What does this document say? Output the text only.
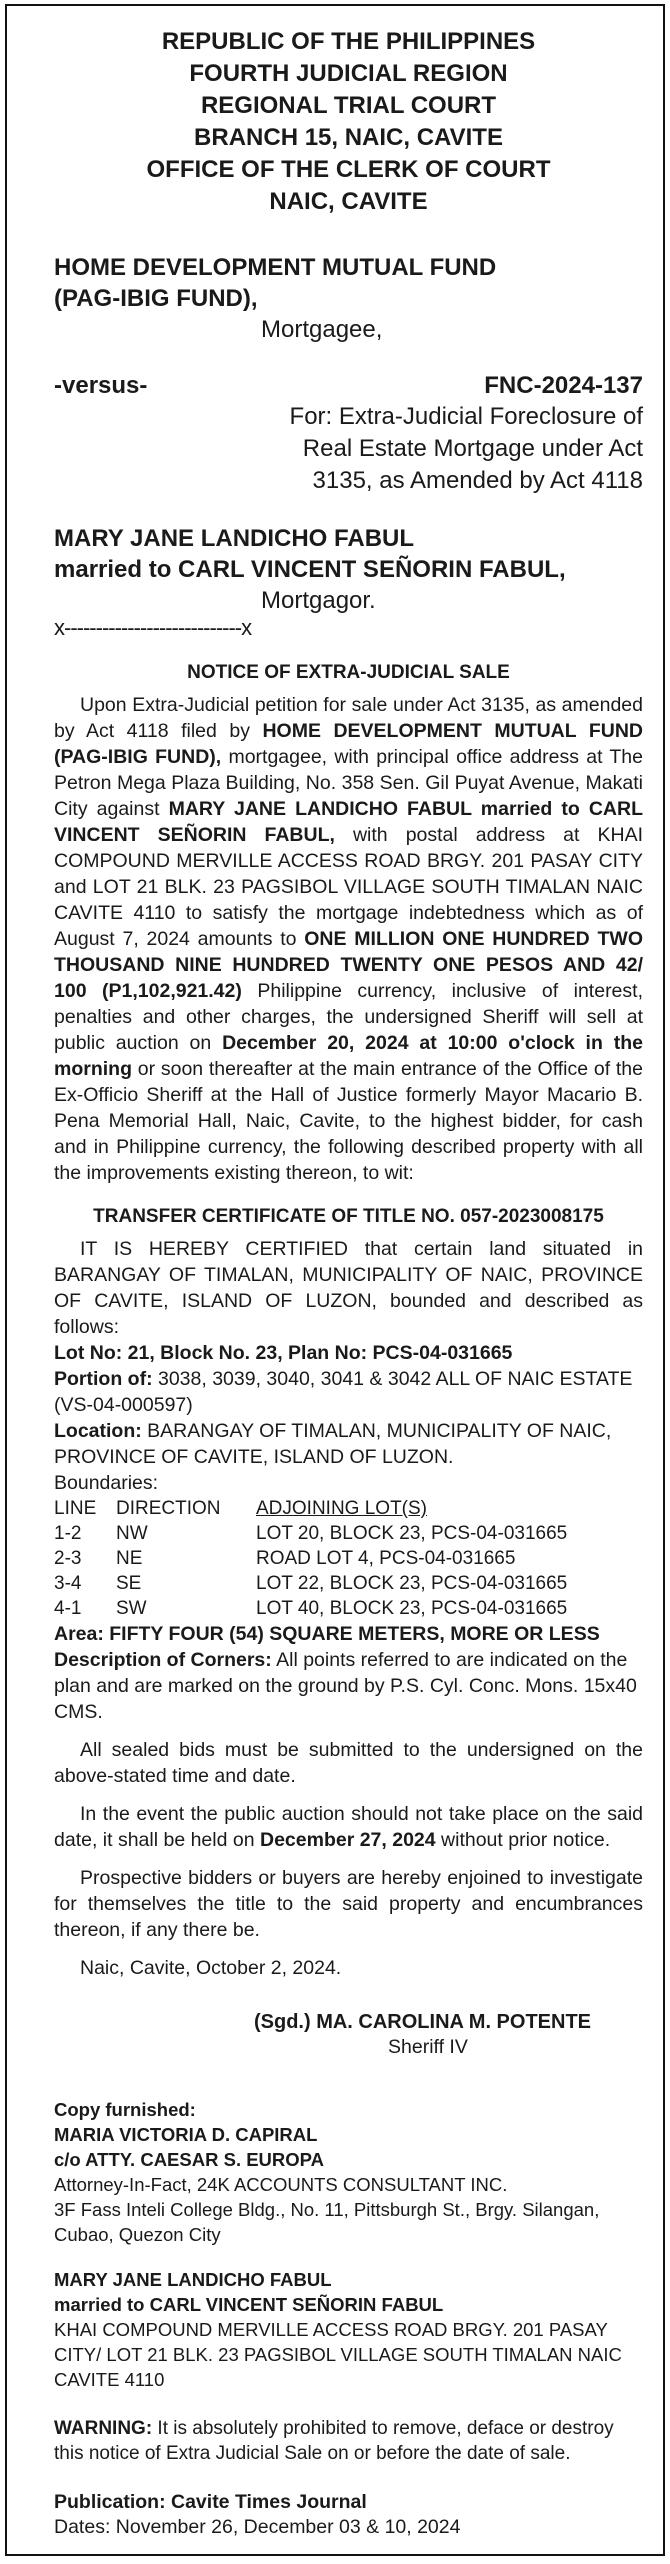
REPUBLIC OF THE PHILIPPINES

FOURTH JUDICIAL REGION

REGIONAL TRIAL COURT

BRANCH 15, NAIC, CAVITE

OFFICE OF THE CLERK OF COURT

NAIC, CAVITE

HOME DEVELOPMENT MUTUAL FUND

(PAG-IBIG FUND),

Mortgagee,

-versus-	FNC-2024-137

For: Extra-Judicial Foreclosure of

Real Estate Mortgage under Act

3135, as Amended by Act 4118

MARY JANE LANDICHO FABUL

married to CARL VINCENT SEÑORIN FABUL,

Mortgagor.

x----------------------------x

NOTICE OF EXTRA-JUDICIAL SALE

Upon Extra-Judicial petition for sale under Act 3135, as amended by Act 4118 filed by HOME DEVELOPMENT MUTUAL FUND (PAG-IBIG FUND), mortgagee, with principal office address at The Petron Mega Plaza Building, No. 358 Sen. Gil Puyat Avenue, Makati City against MARY JANE LANDICHO FABUL married to CARL VINCENT SEÑORIN FABUL, with postal address at KHAI COMPOUND MERVILLE ACCESS ROAD BRGY. 201 PASAY CITY and LOT 21 BLK. 23 PAGSIBOL VILLAGE SOUTH TIMALAN NAIC CAVITE 4110 to satisfy the mortgage indebtedness which as of August 7, 2024 amounts to ONE MILLION ONE HUNDRED TWO THOUSAND NINE HUNDRED TWENTY ONE PESOS AND 42/ 100 (P1,102,921.42) Philippine currency, inclusive of interest, penalties and other charges, the undersigned Sheriff will sell at public auction on December 20, 2024 at 10:00 o'clock in the morning or soon thereafter at the main entrance of the Office of the Ex-Officio Sheriff at the Hall of Justice formerly Mayor Macario B. Pena Memorial Hall, Naic, Cavite, to the highest bidder, for cash and in Philippine currency, the following described property with all the improvements existing thereon, to wit:

TRANSFER CERTIFICATE OF TITLE NO. 057-2023008175

IT IS HEREBY CERTIFIED that certain land situated in BARANGAY OF TIMALAN, MUNICIPALITY OF NAIC, PROVINCE OF CAVITE, ISLAND OF LUZON, bounded and described as follows:

Lot No: 21, Block No. 23, Plan No: PCS-04-031665

Portion of: 3038, 3039, 3040, 3041 & 3042 ALL OF NAIC ESTATE (VS-04-000597)

Location: BARANGAY OF TIMALAN, MUNICIPALITY OF NAIC, PROVINCE OF CAVITE, ISLAND OF LUZON.

Boundaries:

LINE	DIRECTION	ADJOINING LOT(S)
1-2	NW	LOT 20, BLOCK 23, PCS-04-031665
2-3	NE	ROAD LOT 4, PCS-04-031665
3-4	SE	LOT 22, BLOCK 23, PCS-04-031665
4-1	SW	LOT 40, BLOCK 23, PCS-04-031665

Area: FIFTY FOUR (54) SQUARE METERS, MORE OR LESS

Description of Corners: All points referred to are indicated on the plan and are marked on the ground by P.S. Cyl. Conc. Mons. 15x40 CMS.

All sealed bids must be submitted to the undersigned on the above-stated time and date.

In the event the public auction should not take place on the said date, it shall be held on December 27, 2024 without prior notice.

Prospective bidders or buyers are hereby enjoined to investigate for themselves the title to the said property and encumbrances thereon, if any there be.

Naic, Cavite, October 2, 2024.

(Sgd.) MA. CAROLINA M. POTENTE
Sheriff IV

Copy furnished:

MARIA VICTORIA D. CAPIRAL

c/o ATTY. CAESAR S. EUROPA

Attorney-In-Fact, 24K ACCOUNTS CONSULTANT INC.

3F Fass Inteli College Bldg., No. 11, Pittsburgh St., Brgy. Silangan, Cubao, Quezon City

MARY JANE LANDICHO FABUL

married to CARL VINCENT SEÑORIN FABUL

KHAI COMPOUND MERVILLE ACCESS ROAD BRGY. 201 PASAY CITY/ LOT 21 BLK. 23 PAGSIBOL VILLAGE SOUTH TIMALAN NAIC CAVITE 4110

WARNING: It is absolutely prohibited to remove, deface or destroy this notice of Extra Judicial Sale on or before the date of sale.

Publication: Cavite Times Journal

Dates: November 26, December 03 & 10, 2024
